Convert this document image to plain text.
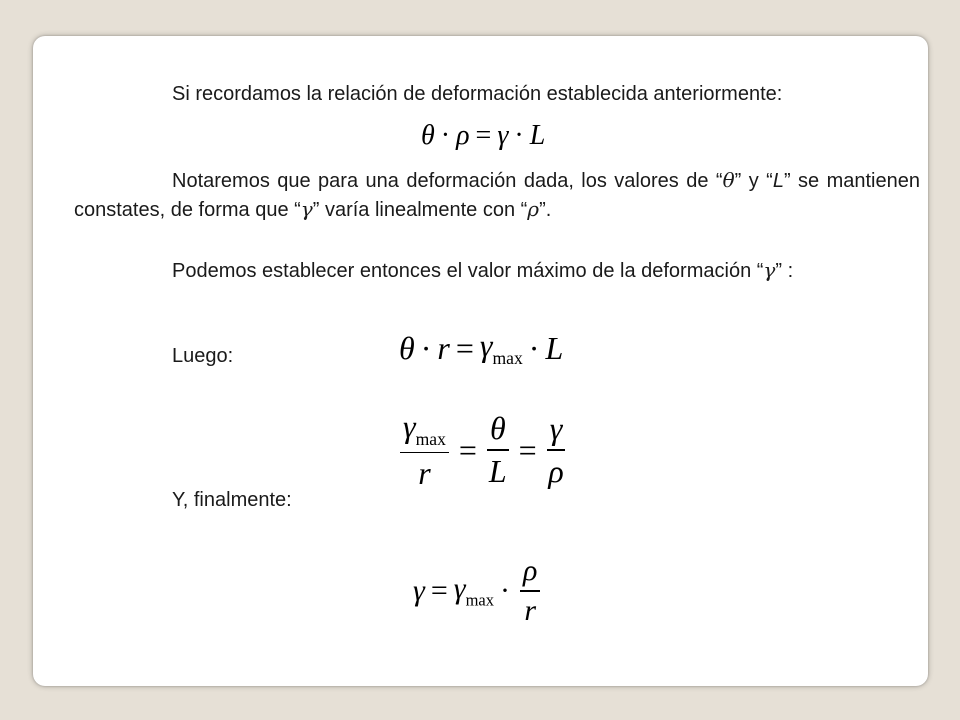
Si recordamos la relación de deformación establecida anteriormente:
θ · ρ = γ · L
Notaremos que para una deformación dada, los valores de “θ” y “L” se mantienen constates, de forma que “γ” varía linealmente con “ρ”.
Podemos establecer entonces el valor máximo de la deformación “γ” :
Luego:	$\theta \cdot r = \gamma_{max} \cdot L$
$\frac{\gamma_{max}}{r} = \frac{\theta}{L} = \frac{\gamma}{\rho}$
Y, finalmente:
$\gamma = \gamma_{max} \cdot \frac{\rho}{r}$
